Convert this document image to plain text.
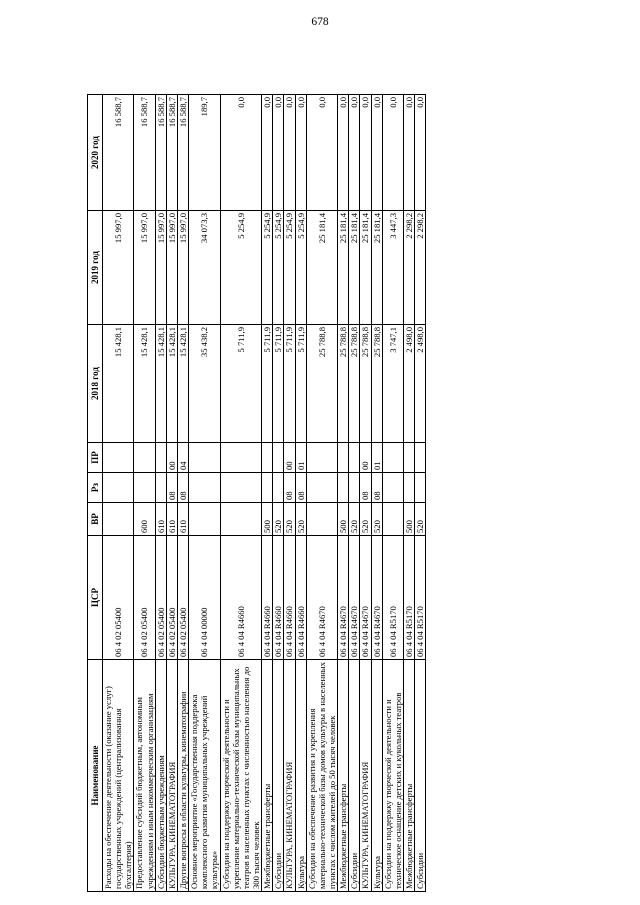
678
Наименование	ЦСР	ВР	Рз	ПР	2018 год	2019 год	2020 год
Расходы на обеспечение деятельности (оказание услуг) государственных учреждений (централизованная бухгалтерия)	06 4 02 05400				15 428,1	15 997,0	16 588,7
Предоставление субсидий бюджетным, автономным учреждениям и иным некоммерческим организациям	06 4 02 05400	600			15 428,1	15 997,0	16 588,7
Субсидии бюджетным учреждениям	06 4 02 05400	610			15 428,1	15 997,0	16 588,7
КУЛЬТУРА, КИНЕМАТОГРАФИЯ	06 4 02 05400	610	08	00	15 428,1	15 997,0	16 588,7
Другие вопросы в области культуры, кинематографии	06 4 02 05400	610	08	04	15 428,1	15 997,0	16 588,7
Основное мероприятие «Государственная поддержка комплексного развития муниципальных учреждений культуры»	06 4 04 00000				35 438,2	34 073,3	189,7
Субсидии на поддержку творческой деятельности и укрепление материально-технической базы муниципальных театров в населенных пунктах с численностью населения до 300 тысяч человек	06 4 04 R4660				5 711,9	5 254,9	0,0
Межбюджетные трансферты	06 4 04 R4660	500			5 711,9	5 254,9	0,0
Субсидии	06 4 04 R4660	520			5 711,9	5 254,9	0,0
КУЛЬТУРА, КИНЕМАТОГРАФИЯ	06 4 04 R4660	520	08	00	5 711,9	5 254,9	0,0
Культура	06 4 04 R4660	520	08	01	5 711,9	5 254,9	0,0
Субсидии на обеспечение развития и укрепления материально-технической базы домов культуры в населенных пунктах с числом жителей до 50 тысяч человек	06 4 04 R4670				25 788,8	25 181,4	0,0
Межбюджетные трансферты	06 4 04 R4670	500			25 788,8	25 181,4	0,0
Субсидии	06 4 04 R4670	520			25 788,8	25 181,4	0,0
КУЛЬТУРА, КИНЕМАТОГРАФИЯ	06 4 04 R4670	520	08	00	25 788,8	25 181,4	0,0
Культура	06 4 04 R4670	520	08	01	25 788,8	25 181,4	0,0
Субсидии на поддержку творческой деятельности и техническое оснащение детских и кукольных театров	06 4 04 R5170				3 747,1	3 447,3	0,0
Межбюджетные трансферты	06 4 04 R5170	500			2 498,0	2 298,2	0,0
Субсидии	06 4 04 R5170	520			2 498,0	2 298,2	0,0
